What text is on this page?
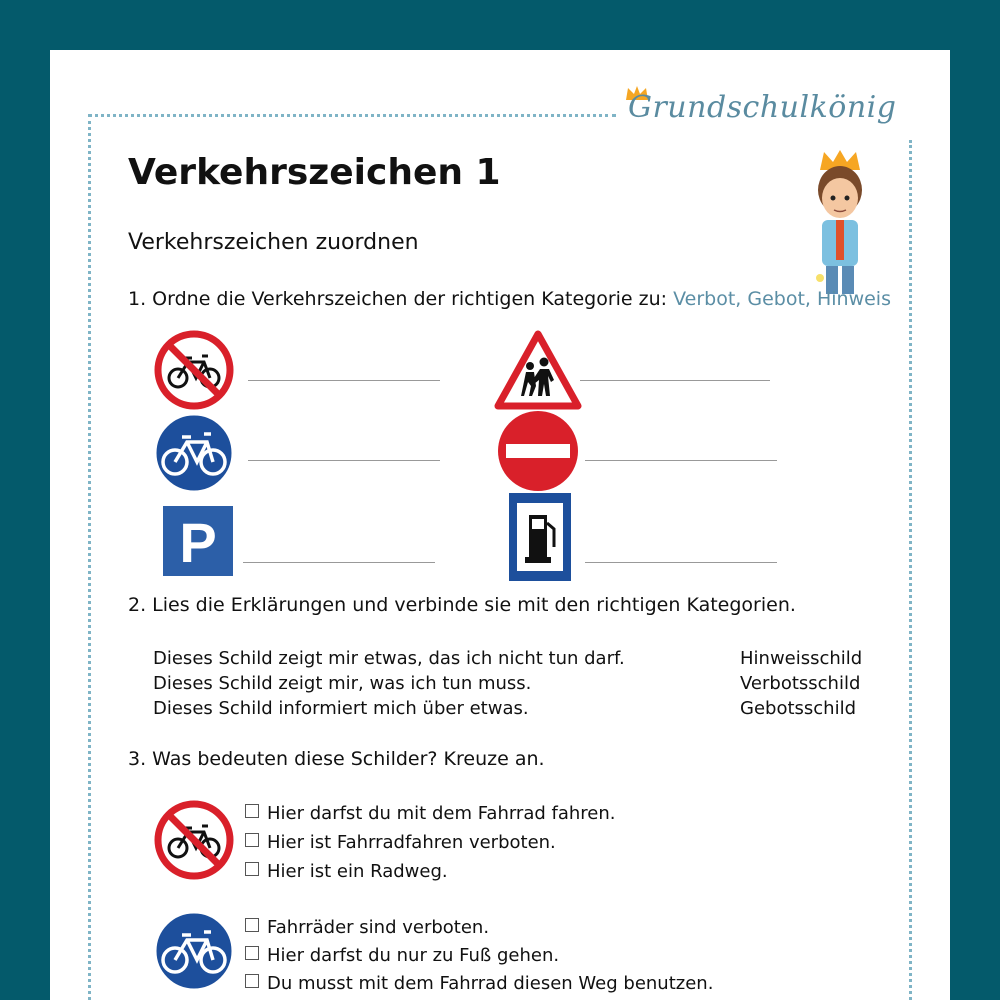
Grundschulkönig
Verkehrszeichen 1
Verkehrszeichen zuordnen
1. Ordne die Verkehrszeichen der richtigen Kategorie zu: Verbot, Gebot, Hinweis
P
2. Lies die Erklärungen und verbinde sie mit den richtigen Kategorien.
Dieses Schild zeigt mir etwas, das ich nicht tun darf.
Dieses Schild zeigt mir, was ich tun muss.
Dieses Schild informiert mich über etwas.
Hinweisschild
Verbotsschild
Gebotsschild
3. Was bedeuten diese Schilder? Kreuze an.
Hier darfst du mit dem Fahrrad fahren.
Hier ist Fahrradfahren verboten.
Hier ist ein Radweg.
Fahrräder sind verboten.
Hier darfst du nur zu Fuß gehen.
Du musst mit dem Fahrrad diesen Weg benutzen.
